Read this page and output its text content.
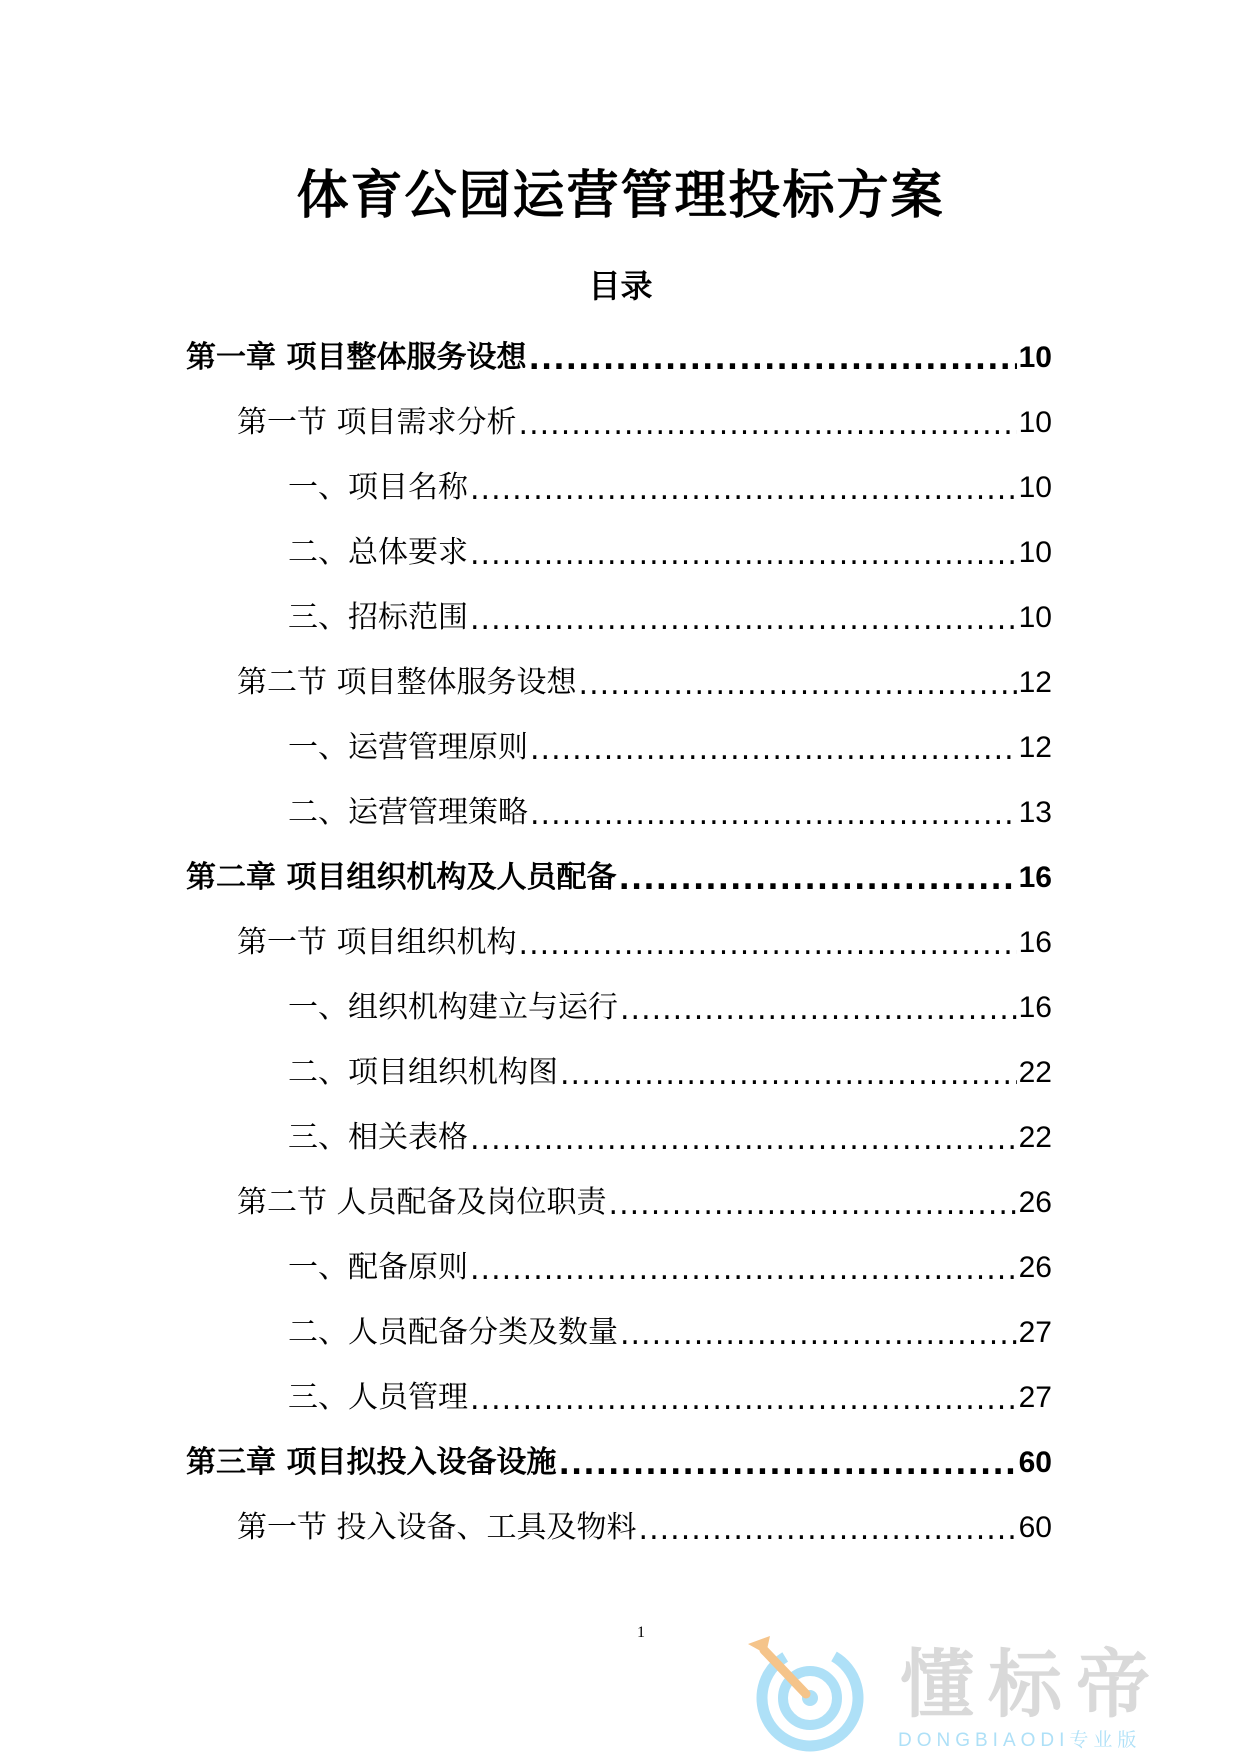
体育公园运营管理投标方案
目录
第一章 项目整体服务设想 .....	10
第一节 项目需求分析 .....	10
一、项目名称 .....	10
二、总体要求 .....	10
三、招标范围 .....	10
第二节 项目整体服务设想 .....	12
一、运营管理原则 .....	12
二、运营管理策略 .....	13
第二章 项目组织机构及人员配备 .....	16
第一节 项目组织机构 .....	16
一、组织机构建立与运行 .....	16
二、项目组织机构图 .....	22
三、相关表格 .....	22
第二节 人员配备及岗位职责 .....	26
一、配备原则 .....	26
二、人员配备分类及数量 .....	27
三、人员管理 .....	27
第三章 项目拟投入设备设施 .....	60
第一节 投入设备、工具及物料 .....	60
1
懂标帝
DONGBIAODI专业版
